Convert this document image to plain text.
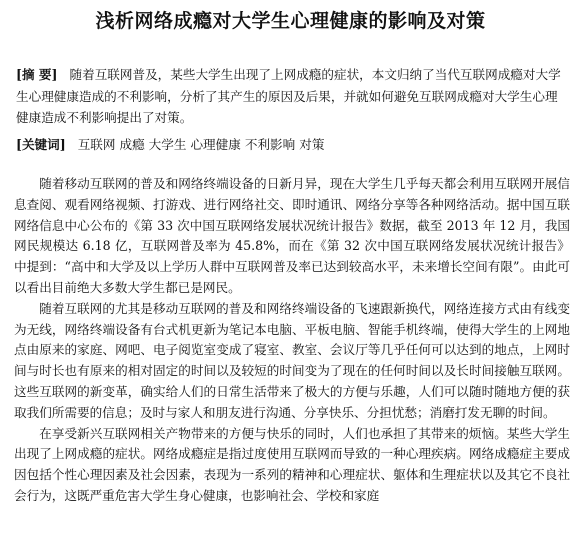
浅析网络成瘾对大学生心理健康的影响及对策
[摘 要] 随着互联网普及，某些大学生出现了上网成瘾的症状，本文归纳了当代互联网成瘾对大学生心理健康造成的不利影响，分析了其产生的原因及后果，并就如何避免互联网成瘾对大学生心理健康造成不利影响提出了对策。
[关键词] 互联网 成瘾 大学生 心理健康 不利影响 对策

随着移动互联网的普及和网络终端设备的日新月异，现在大学生几乎每天都会利用互联网开展信息查阅、观看网络视频、打游戏、进行网络社交、即时通讯、网络分享等各种网络活动。据中国互联网络信息中心公布的《第 33 次中国互联网络发展状况统计报告》数据，截至 2013 年 12 月，我国网民规模达 6.18 亿，互联网普及率为 45.8%，而在《第 32 次中国互联网络发展状况统计报告》中提到：“高中和大学及以上学历人群中互联网普及率已达到较高水平，未来增长空间有限”。由此可以看出目前绝大多数大学生都已是网民。

随着互联网的尤其是移动互联网的普及和网络终端设备的飞速跟新换代，网络连接方式由有线变为无线，网络终端设备有台式机更新为笔记本电脑、平板电脑、智能手机终端，使得大学生的上网地点由原来的家庭、网吧、电子阅览室变成了寝室、教室、会议厅等几乎任何可以达到的地点，上网时间与时长也有原来的相对固定的时间以及较短的时间变为了现在的任何时间以及长时间接触互联网。这些互联网的新变革，确实给人们的日常生活带来了极大的方便与乐趣，人们可以随时随地方便的获取我们所需要的信息；及时与家人和朋友进行沟通、分享快乐、分担忧愁；消磨打发无聊的时间。

在享受新兴互联网相关产物带来的方便与快乐的同时，人们也承担了其带来的烦恼。某些大学生出现了上网成瘾的症状。网络成瘾症是指过度使用互联网而导致的一种心理疾病。网络成瘾症主要成因包括个性心理因素及社会因素，表现为一系列的精神和心理症状、躯体和生理症状以及其它不良社会行为，这既严重危害大学生身心健康，也影响社会、学校和家庭
